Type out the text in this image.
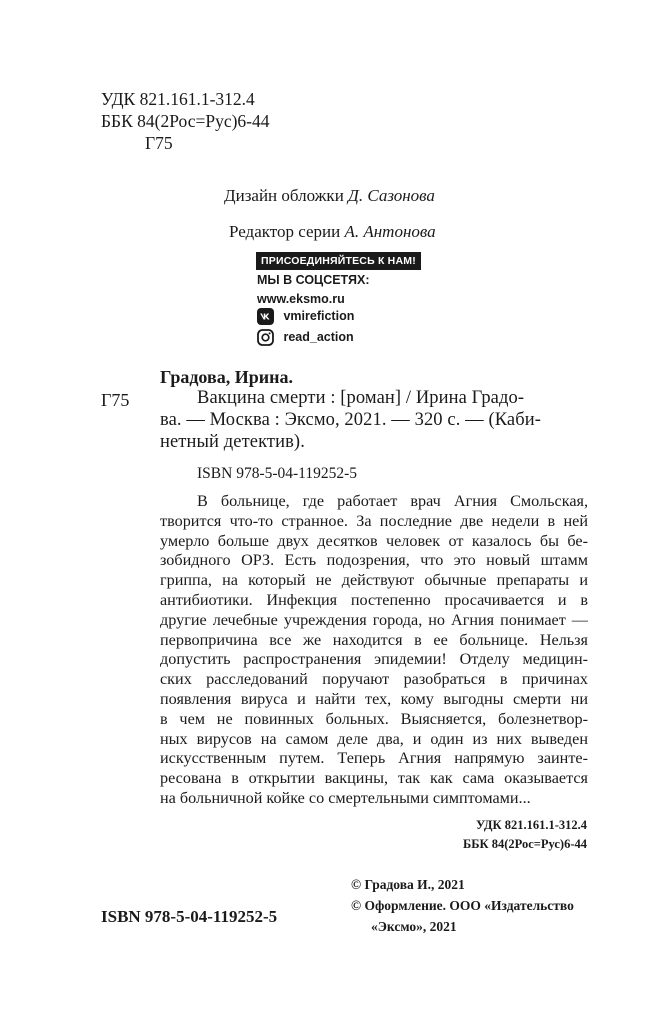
УДК 821.161.1-312.4
ББК 84(2Рос=Рус)6-44
Г75
Дизайн обложки Д. Сазонова
Редактор серии А. Антонова
ПРИСОЕДИНЯЙТЕСЬ К НАМ!
МЫ В СОЦСЕТЯХ:
www.eksmo.ru
vmirefiction
read_action
Градова, Ирина.
Г75	Вакцина смерти : [роман] / Ирина Градо-
ва. — Москва : Эксмо, 2021. — 320 с. — (Каби-
нетный детектив).
ISBN 978-5-04-119252-5
В больнице, где работает врач Агния Смольская,
творится что-то странное. За последние две недели в ней
умерло больше двух десятков человек от казалось бы бе-
зобидного ОРЗ. Есть подозрения, что это новый штамм
гриппа, на который не действуют обычные препараты и
антибиотики. Инфекция постепенно просачивается и в
другие лечебные учреждения города, но Агния понимает —
первопричина все же находится в ее больнице. Нельзя
допустить распространения эпидемии! Отделу медицин-
ских расследований поручают разобраться в причинах
появления вируса и найти тех, кому выгодны смерти ни
в чем не повинных больных. Выясняется, болезнетвор-
ных вирусов на самом деле два, и один из них выведен
искусственным путем. Теперь Агния напрямую заинте-
ресована в открытии вакцины, так как сама оказывается
на больничной койке со смертельными симптомами...
УДК 821.161.1-312.4
ББК 84(2Рос=Рус)6-44
© Градова И., 2021
© Оформление. ООО «Издательство
«Эксмо», 2021
ISBN 978-5-04-119252-5
